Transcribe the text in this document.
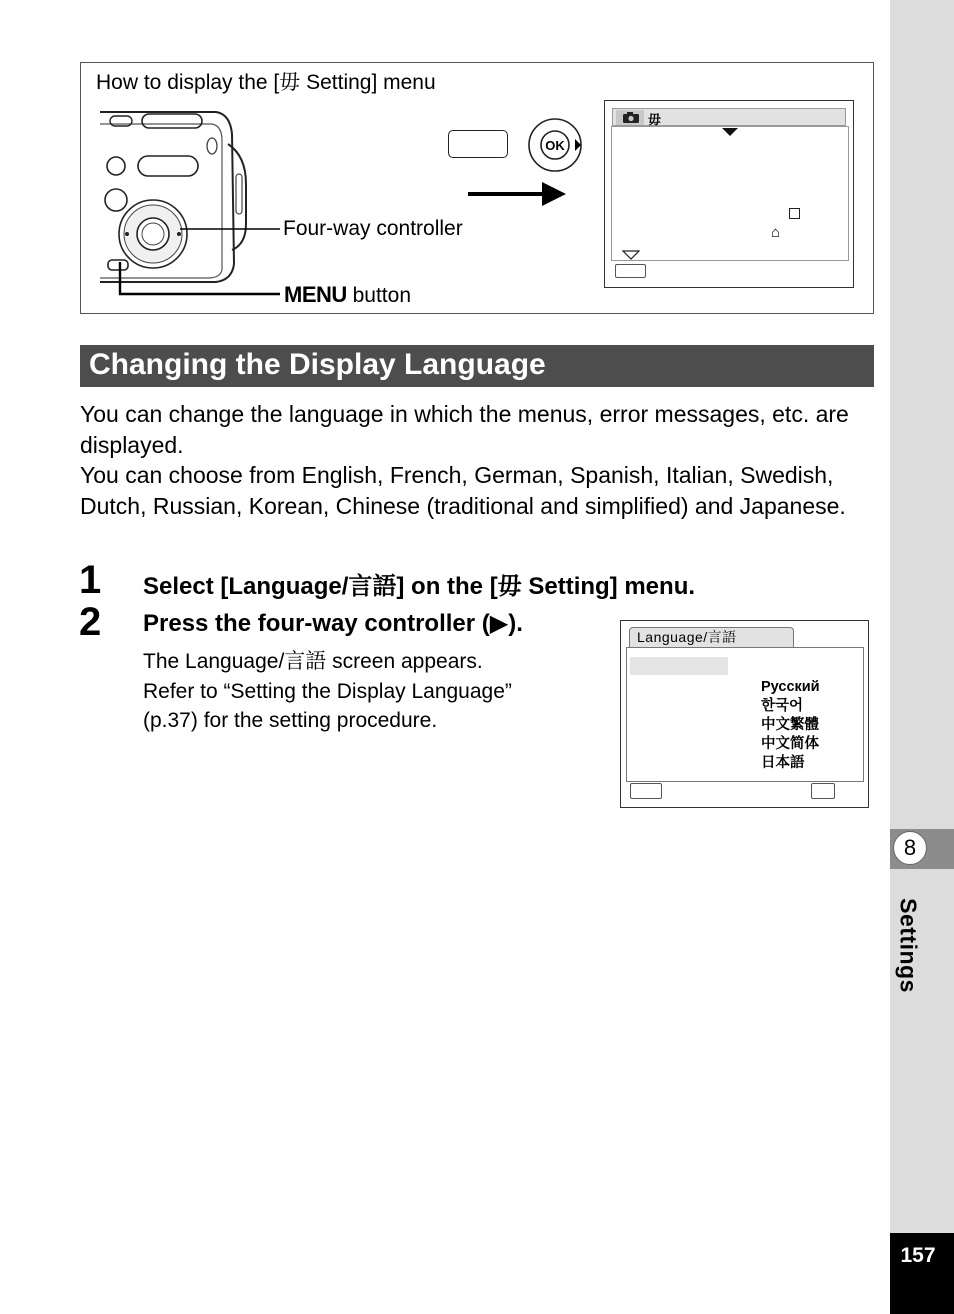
How to display the [⽏ Setting] menu
OK
Four-way controller
MENU button
⽏
⌂
Changing the Display Language
You can change the language in which the menus, error messages, etc. are displayed.
You can choose from English, French, German, Spanish, Italian, Swedish, Dutch, Russian, Korean, Chinese (traditional and simplified) and Japanese.
1 Select [Language/言語] on the [⽏ Setting] menu.
2 Press the four-way controller (▶).
The Language/言語 screen appears.
Refer to “Setting the Display Language”
(p.37) for the setting procedure.
Language/言語
Русский
한국어
中文繁體
中文简体
日本語
8
Settings
157
